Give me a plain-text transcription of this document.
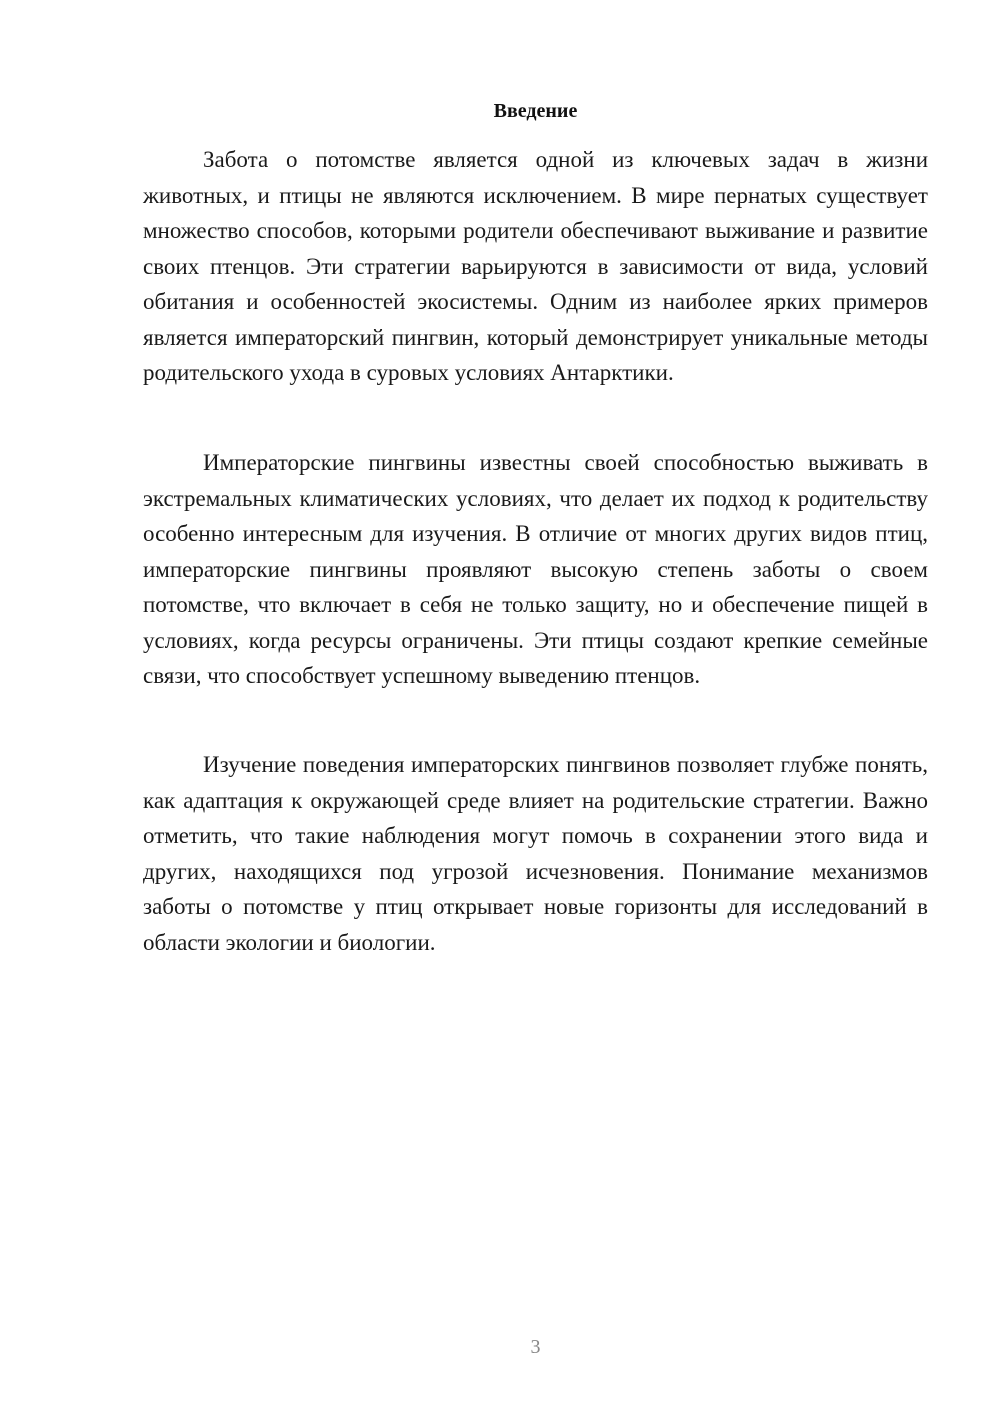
Введение

Забота о потомстве является одной из ключевых задач в жизни животных, и птицы не являются исключением. В мире пернатых существует множество способов, которыми родители обеспечивают выживание и развитие своих птенцов. Эти стратегии варьируются в зависимости от вида, условий обитания и особенностей экосистемы. Одним из наиболее ярких примеров является императорский пингвин, который демонстрирует уникальные методы родительского ухода в суровых условиях Антарктики.

Императорские пингвины известны своей способностью выживать в экстремальных климатических условиях, что делает их подход к родительству особенно интересным для изучения. В отличие от многих других видов птиц, императорские пингвины проявляют высокую степень заботы о своем потомстве, что включает в себя не только защиту, но и обеспечение пищей в условиях, когда ресурсы ограничены. Эти птицы создают крепкие семейные связи, что способствует успешному выведению птенцов.

Изучение поведения императорских пингвинов позволяет глубже понять, как адаптация к окружающей среде влияет на родительские стратегии. Важно отметить, что такие наблюдения могут помочь в сохранении этого вида и других, находящихся под угрозой исчезновения. Понимание механизмов заботы о потомстве у птиц открывает новые горизонты для исследований в области экологии и биологии.

3
